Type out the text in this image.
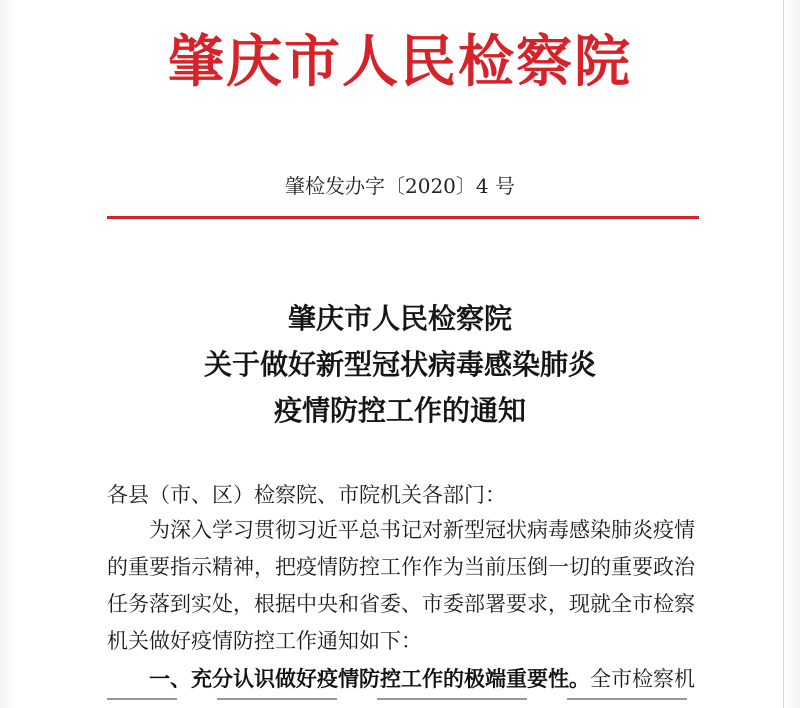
肇庆市人民检察院
肇检发办字〔2020〕4 号
肇庆市人民检察院
关于做好新型冠状病毒感染肺炎
疫情防控工作的通知
各县（市、区）检察院、市院机关各部门：
为深入学习贯彻习近平总书记对新型冠状病毒感染肺炎疫情
的重要指示精神，把疫情防控工作作为当前压倒一切的重要政治
任务落到实处，根据中央和省委、市委部署要求，现就全市检察
机关做好疫情防控工作通知如下：
一、充分认识做好疫情防控工作的极端重要性。全市检察机
